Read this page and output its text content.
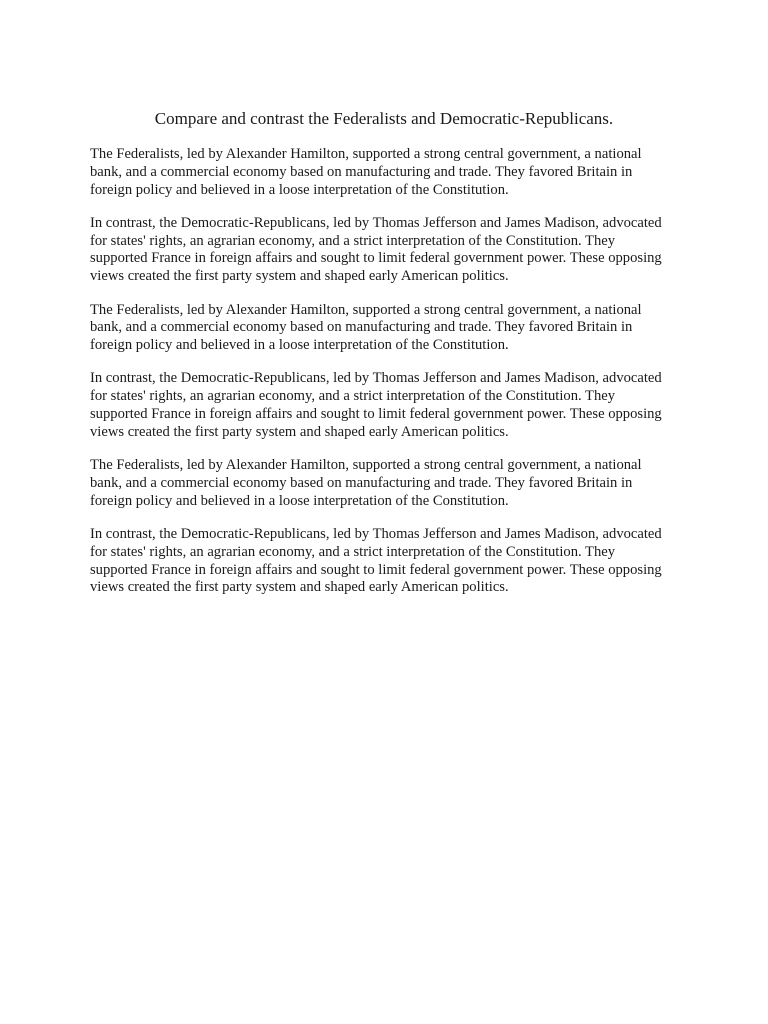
Compare and contrast the Federalists and Democratic-Republicans.

The Federalists, led by Alexander Hamilton, supported a strong central government, a national bank, and a commercial economy based on manufacturing and trade. They favored Britain in foreign policy and believed in a loose interpretation of the Constitution.

In contrast, the Democratic-Republicans, led by Thomas Jefferson and James Madison, advocated for states' rights, an agrarian economy, and a strict interpretation of the Constitution. They supported France in foreign affairs and sought to limit federal government power. These opposing views created the first party system and shaped early American politics.

The Federalists, led by Alexander Hamilton, supported a strong central government, a national bank, and a commercial economy based on manufacturing and trade. They favored Britain in foreign policy and believed in a loose interpretation of the Constitution.

In contrast, the Democratic-Republicans, led by Thomas Jefferson and James Madison, advocated for states' rights, an agrarian economy, and a strict interpretation of the Constitution. They supported France in foreign affairs and sought to limit federal government power. These opposing views created the first party system and shaped early American politics.

The Federalists, led by Alexander Hamilton, supported a strong central government, a national bank, and a commercial economy based on manufacturing and trade. They favored Britain in foreign policy and believed in a loose interpretation of the Constitution.

In contrast, the Democratic-Republicans, led by Thomas Jefferson and James Madison, advocated for states' rights, an agrarian economy, and a strict interpretation of the Constitution. They supported France in foreign affairs and sought to limit federal government power. These opposing views created the first party system and shaped early American politics.
